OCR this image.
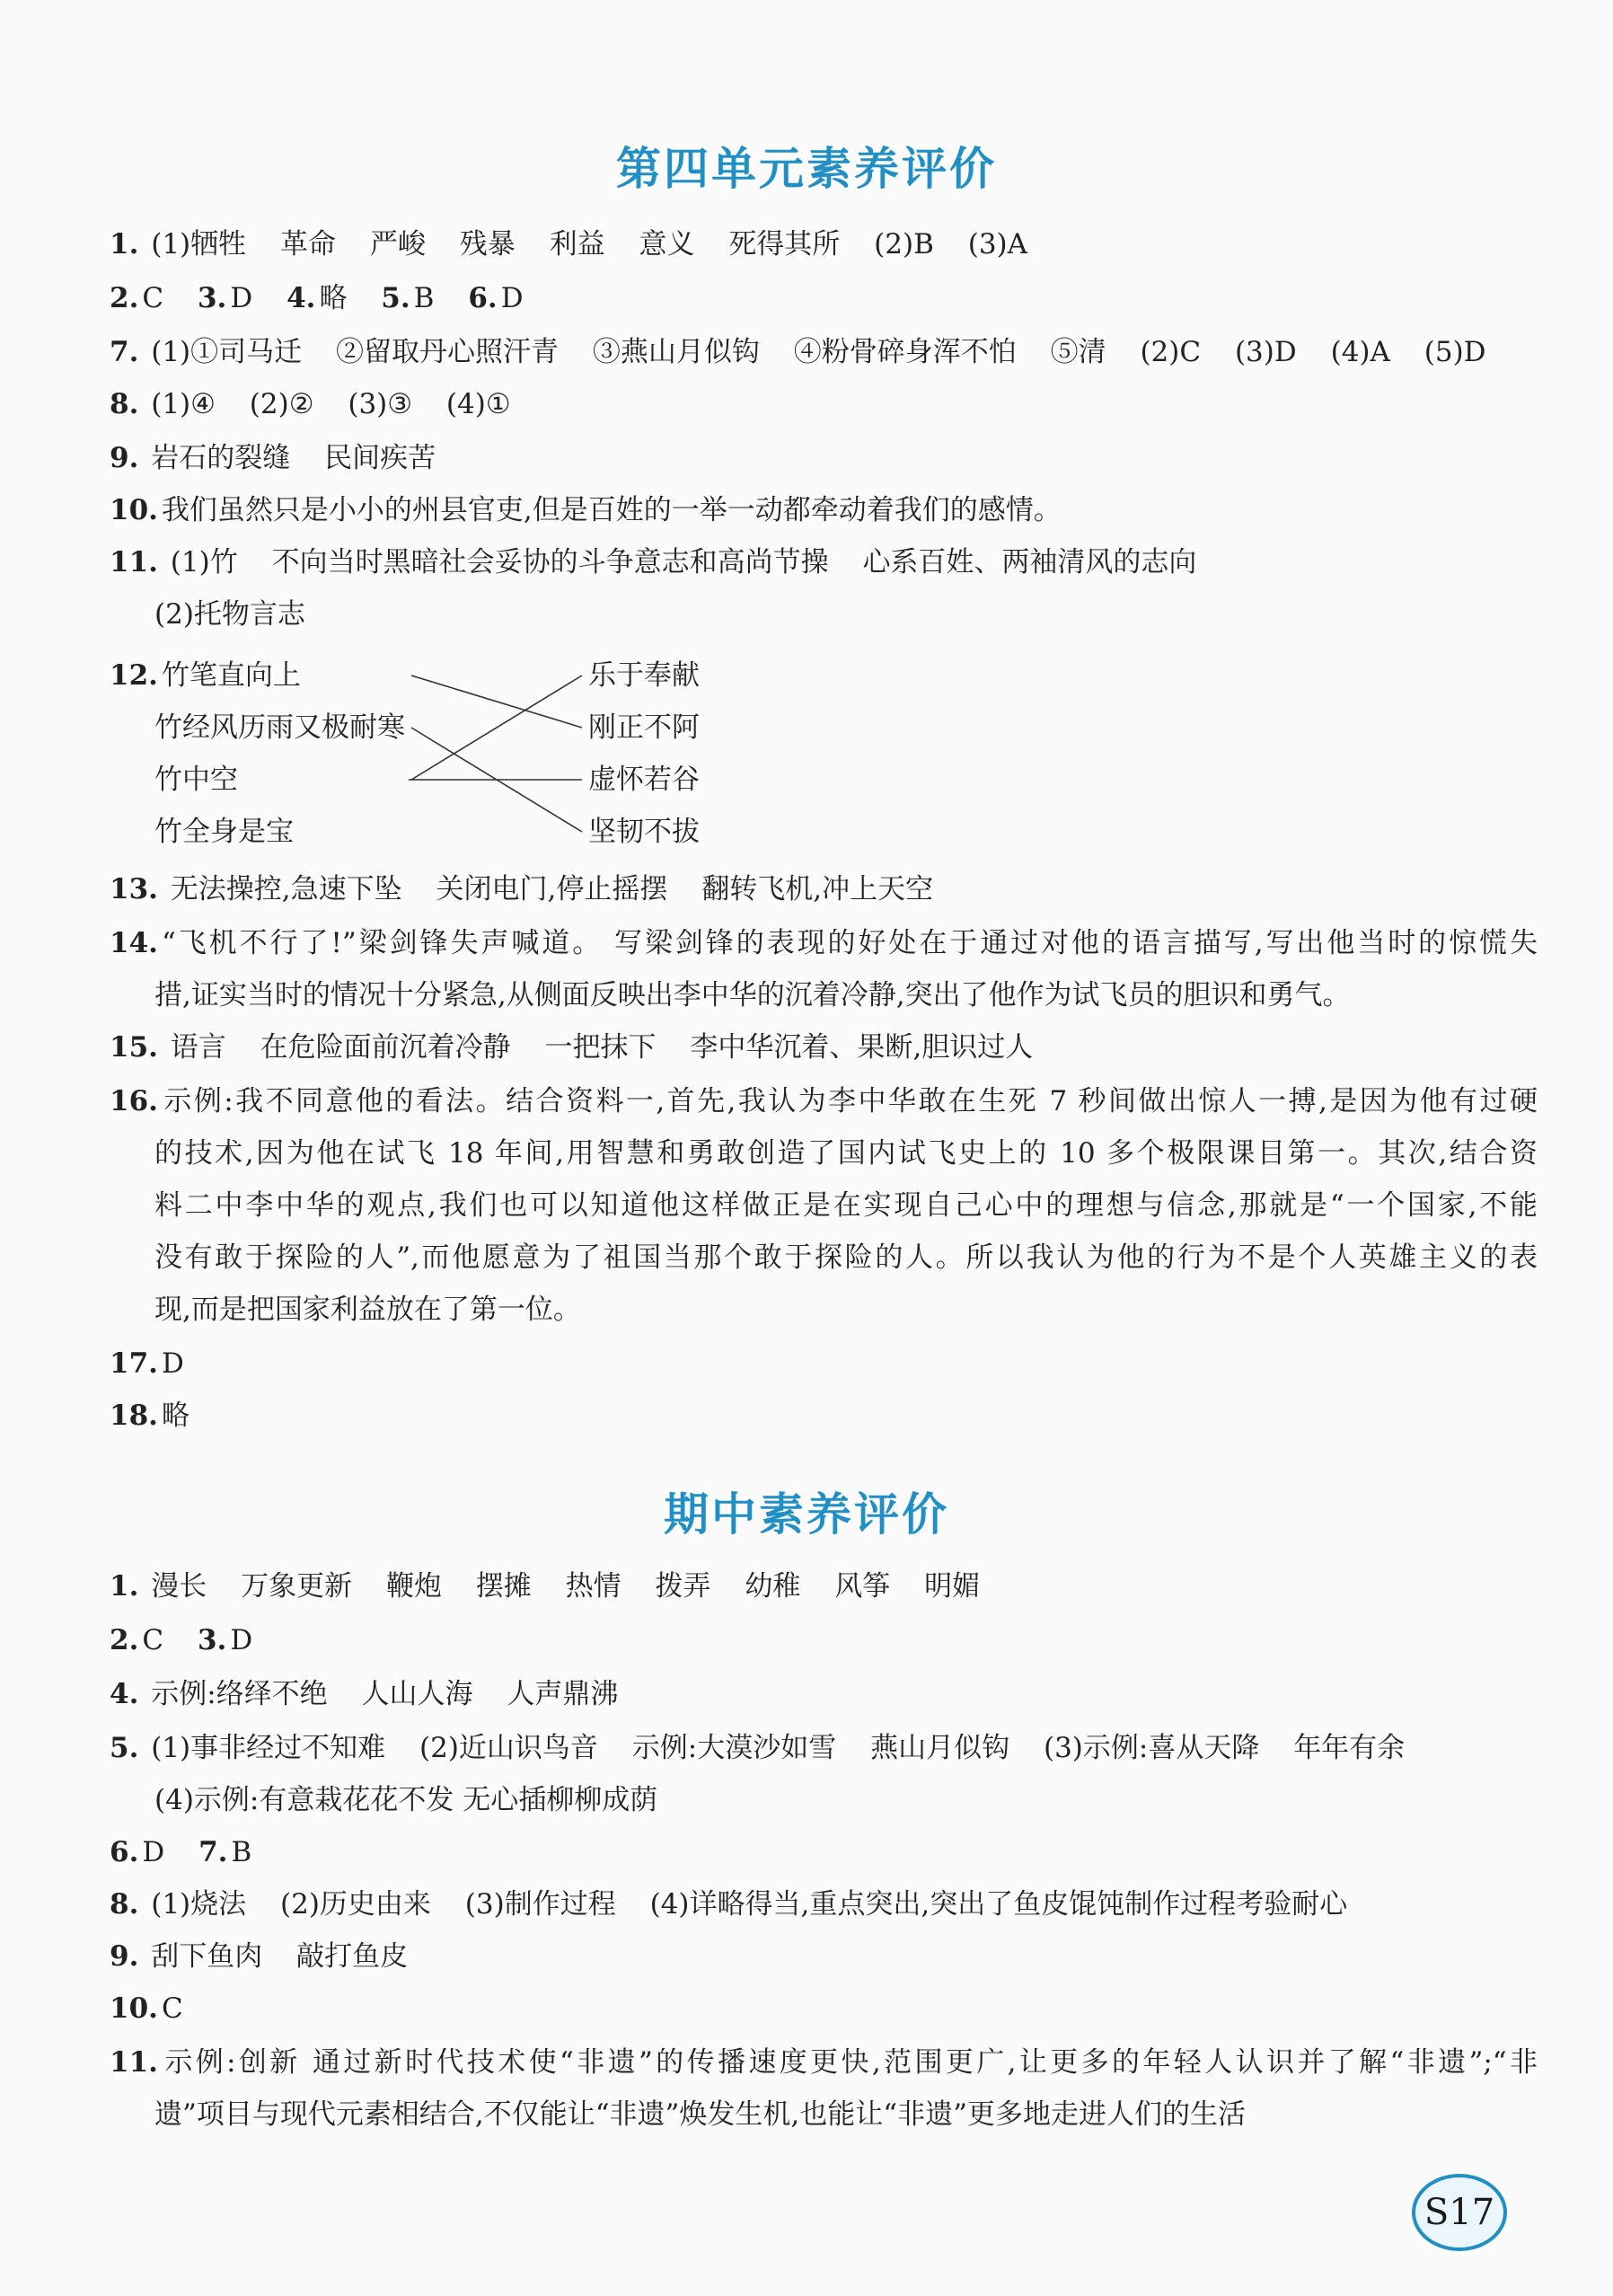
第四单元素养评价
1. (1)牺牲 革命 严峻 残暴 利益 意义 死得其所 (2)B (3)A
2. C 3. D 4. 略 5. B 6. D
7. (1)①司马迁 ②留取丹心照汗青 ③燕山月似钩 ④粉骨碎身浑不怕 ⑤清 (2)C (3)D (4)A (5)D
8. (1)④ (2)② (3)③ (4)①
9. 岩石的裂缝 民间疾苦
10. 我们虽然只是小小的州县官吏,但是百姓的一举一动都牵动着我们的感情。
11. (1)竹 不向当时黑暗社会妥协的斗争意志和高尚节操 心系百姓、两袖清风的志向
(2)托物言志
12. 竹笔直向上
竹经风历雨又极耐寒
竹中空
竹全身是宝
乐于奉献
刚正不阿
虚怀若谷
坚韧不拔
13. 无法操控,急速下坠 关闭电门,停止摇摆 翻转飞机,冲上天空
14. “飞机不行了!”梁剑锋失声喊道。 写梁剑锋的表现的好处在于通过对他的语言描写,写出他当时的惊慌失
措,证实当时的情况十分紧急,从侧面反映出李中华的沉着冷静,突出了他作为试飞员的胆识和勇气。
15. 语言 在危险面前沉着冷静 一把抹下 李中华沉着、果断,胆识过人
16. 示例:我不同意他的看法。结合资料一,首先,我认为李中华敢在生死 7 秒间做出惊人一搏,是因为他有过硬
的技术,因为他在试飞 18 年间,用智慧和勇敢创造了国内试飞史上的 10 多个极限课目第一。其次,结合资
料二中李中华的观点,我们也可以知道他这样做正是在实现自己心中的理想与信念,那就是“一个国家,不能
没有敢于探险的人”,而他愿意为了祖国当那个敢于探险的人。所以我认为他的行为不是个人英雄主义的表
现,而是把国家利益放在了第一位。
17. D
18. 略
期中素养评价
1. 漫长 万象更新 鞭炮 摆摊 热情 拨弄 幼稚 风筝 明媚
2. C 3. D
4. 示例:络绎不绝 人山人海 人声鼎沸
5. (1)事非经过不知难 (2)近山识鸟音 示例:大漠沙如雪 燕山月似钩 (3)示例:喜从天降 年年有余
(4)示例:有意栽花花不发 无心插柳柳成荫
6. D 7. B
8. (1)烧法 (2)历史由来 (3)制作过程 (4)详略得当,重点突出,突出了鱼皮馄饨制作过程考验耐心
9. 刮下鱼肉 敲打鱼皮
10. C
11. 示例:创新 通过新时代技术使“非遗”的传播速度更快,范围更广,让更多的年轻人认识并了解“非遗”;“非
遗”项目与现代元素相结合,不仅能让“非遗”焕发生机,也能让“非遗”更多地走进人们的生活
S17
